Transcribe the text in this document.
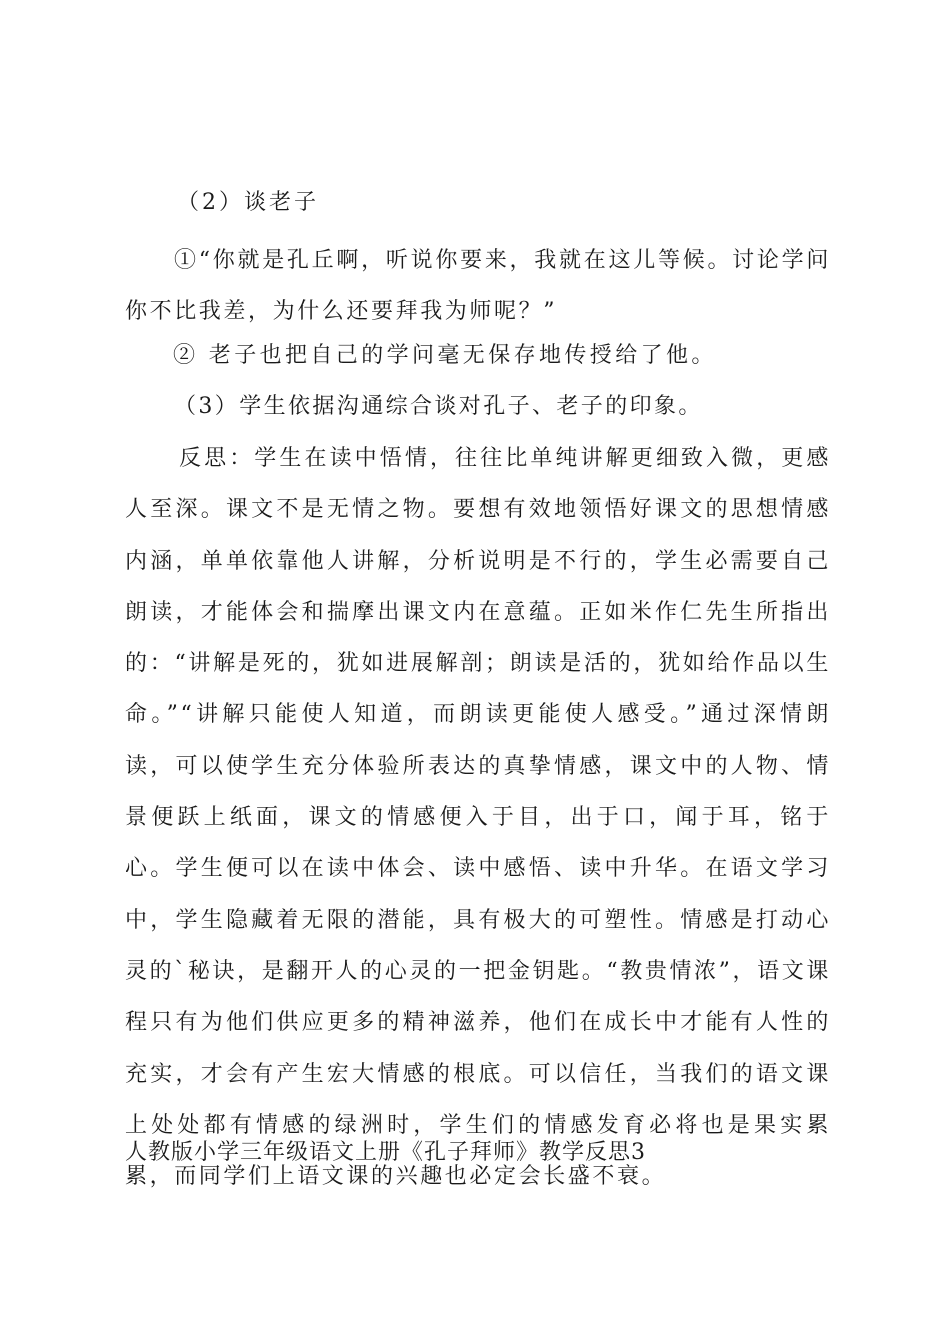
（2）谈老子

①“你就是孔丘啊，听说你要来，我就在这儿等候。讨论学问你不比我差，为什么还要拜我为师呢？”

② 老子也把自己的学问毫无保存地传授给了他。

（3）学生依据沟通综合谈对孔子、老子的印象。

反思：学生在读中悟情，往往比单纯讲解更细致入微，更感人至深。课文不是无情之物。要想有效地领悟好课文的思想情感内涵，单单依靠他人讲解，分析说明是不行的，学生必需要自己朗读，才能体会和揣摩出课文内在意蕴。正如米作仁先生所指出的：“讲解是死的，犹如进展解剖；朗读是活的，犹如给作品以生命。”“讲解只能使人知道，而朗读更能使人感受。”通过深情朗读，可以使学生充分体验所表达的真挚情感，课文中的人物、情景便跃上纸面，课文的情感便入于目，出于口，闻于耳，铭于心。学生便可以在读中体会、读中感悟、读中升华。在语文学习中，学生隐藏着无限的潜能，具有极大的可塑性。情感是打动心灵的`秘诀，是翻开人的心灵的一把金钥匙。“教贵情浓”，语文课程只有为他们供应更多的精神滋养，他们在成长中才能有人性的充实，才会有产生宏大情感的根底。可以信任，当我们的语文课上处处都有情感的绿洲时，学生们的情感发育必将也是果实累累，而同学们上语文课的兴趣也必定会长盛不衰。

人教版小学三年级语文上册《孔子拜师》教学反思3
